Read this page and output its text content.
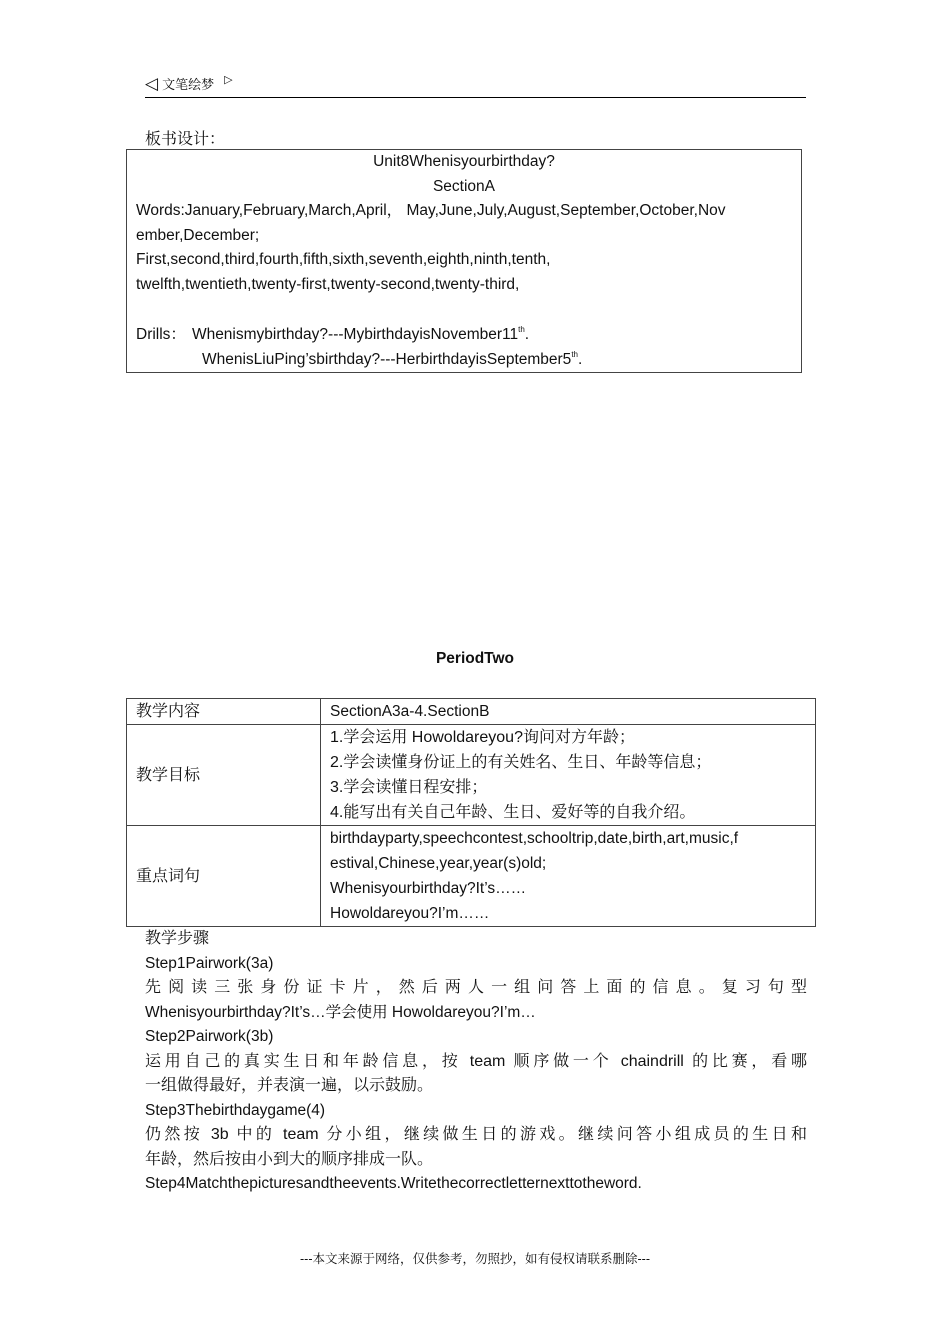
◁ 文笔绘梦 ▷
板书设计：
Unit8Whenisyourbirthday?
SectionA
Words:January,February,March,April， May,June,July,August,September,October,Nov
ember,December;
First,second,third,fourth,fifth,sixth,seventh,eighth,ninth,tenth,
twelfth,twentieth,twenty-first,twenty-second,twenty-third,
Drills： Whenismybirthday?---MybirthdayisNovember11th.
WhenisLiuPing’sbirthday?---HerbirthdayisSeptember5th.
PeriodTwo
教学内容	SectionA3a-4.SectionB
教学目标	1.学会运用 Howoldareyou?询问对方年龄；
2.学会读懂身份证上的有关姓名、生日、年龄等信息；
3.学会读懂日程安排；
4.能写出有关自己年龄、生日、爱好等的自我介绍。

重点词句	birthdayparty,speechcontest,schooltrip,date,birth,art,music,f
estival,Chinese,year,year(s)old;
Whenisyourbirthday?It’s……
Howoldareyou?I’m……
教学步骤
Step1Pairwork(3a)
先阅读三张身份证卡片，然后两人一组问答上面的信息。复习句型
Whenisyourbirthday?It’s…学会使用 Howoldareyou?I’m…
Step2Pairwork(3b)
运用自己的真实生日和年龄信息，按 team 顺序做一个 chaindrill 的比赛，看哪
一组做得最好，并表演一遍，以示鼓励。
Step3Thebirthdaygame(4)
仍然按 3b 中的 team 分小组，继续做生日的游戏。继续问答小组成员的生日和
年龄，然后按由小到大的顺序排成一队。
Step4Matchthepicturesandtheevents.Writethecorrectletternexttotheword.
---本文来源于网络，仅供参考，勿照抄，如有侵权请联系删除---
